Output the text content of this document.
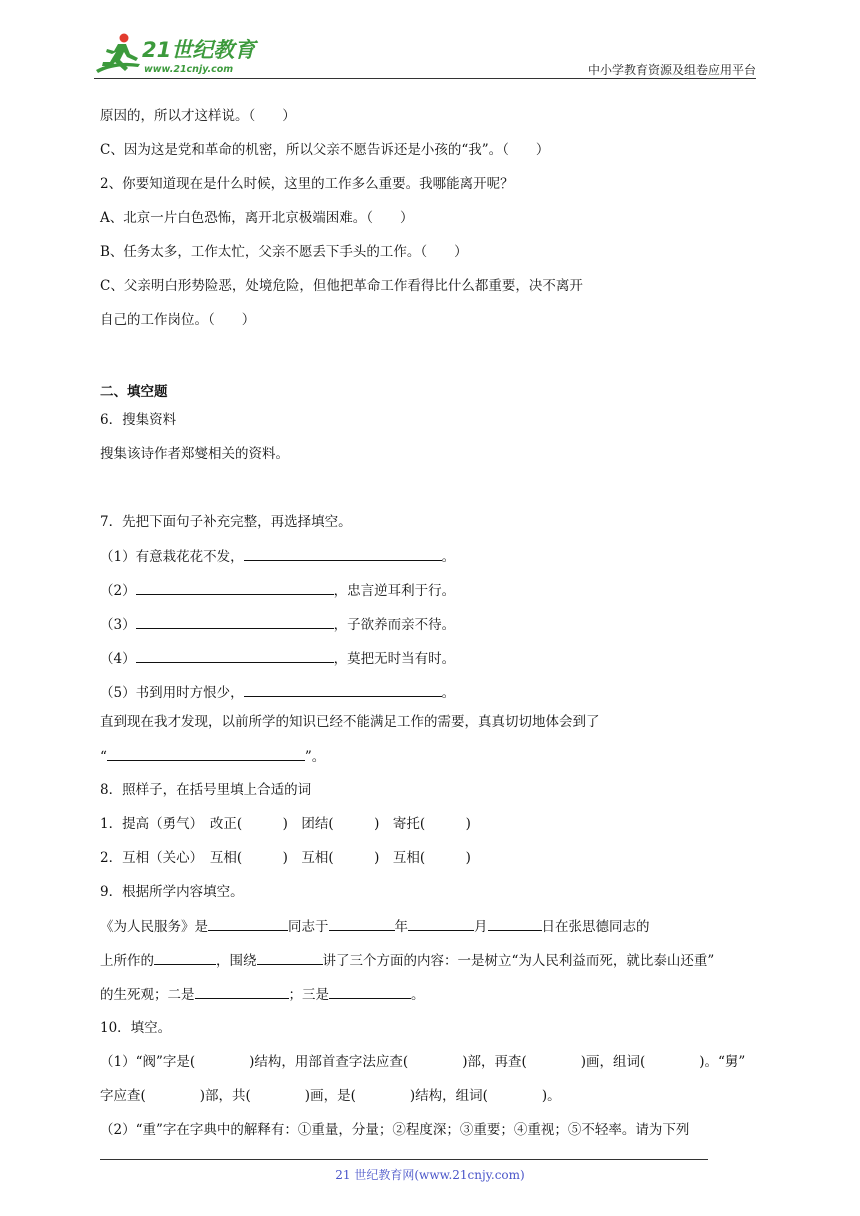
21世纪教育
www.21cnjy.com	中小学教育资源及组卷应用平台
原因的，所以才这样说。（　　）
C、因为这是党和革命的机密，所以父亲不愿告诉还是小孩的“我”。（　　）
2、你要知道现在是什么时候，这里的工作多么重要。我哪能离开呢？
A、北京一片白色恐怖，离开北京极端困难。（　　）
B、任务太多，工作太忙，父亲不愿丢下手头的工作。（　　）
C、父亲明白形势险恶，处境危险，但他把革命工作看得比什么都重要，决不离开
自己的工作岗位。（　　）
二、填空题
6．搜集资料
搜集该诗作者郑燮相关的资料。
7．先把下面句子补充完整，再选择填空。
（1）有意栽花花不发，	。
（2）	，忠言逆耳利于行。
（3）	，子欲养而亲不待。
（4）	，莫把无时当有时。
（5）书到用时方恨少，	。
直到现在我才发现，以前所学的知识已经不能满足工作的需要，真真切切地体会到了
“	”。
8．照样子，在括号里填上合适的词
1．提高（勇气）　改正(　　　)　团结(　　　)　寄托(　　　)
2．互相（关心）　互相(　　　)　互相(　　　)　互相(　　　)
9．根据所学内容填空。
《为人民服务》是	同志于	年	月	日在张思德同志的
上所作的	，围绕	讲了三个方面的内容：一是树立“为人民利益而死，就比泰山还重”
的生死观；二是	；三是	。
10．填空。
（1）“阀”字是(　　　　)结构，用部首查字法应查(　　　　)部，再查(　　　　)画，组词(　　　　)。“舅”
字应查(　　　　)部，共(　　　　)画，是(　　　　)结构，组词(　　　　)。
（2）“重”字在字典中的解释有：①重量，分量；②程度深；③重要；④重视；⑤不轻率。请为下列
21 世纪教育网(www.21cnjy.com)
